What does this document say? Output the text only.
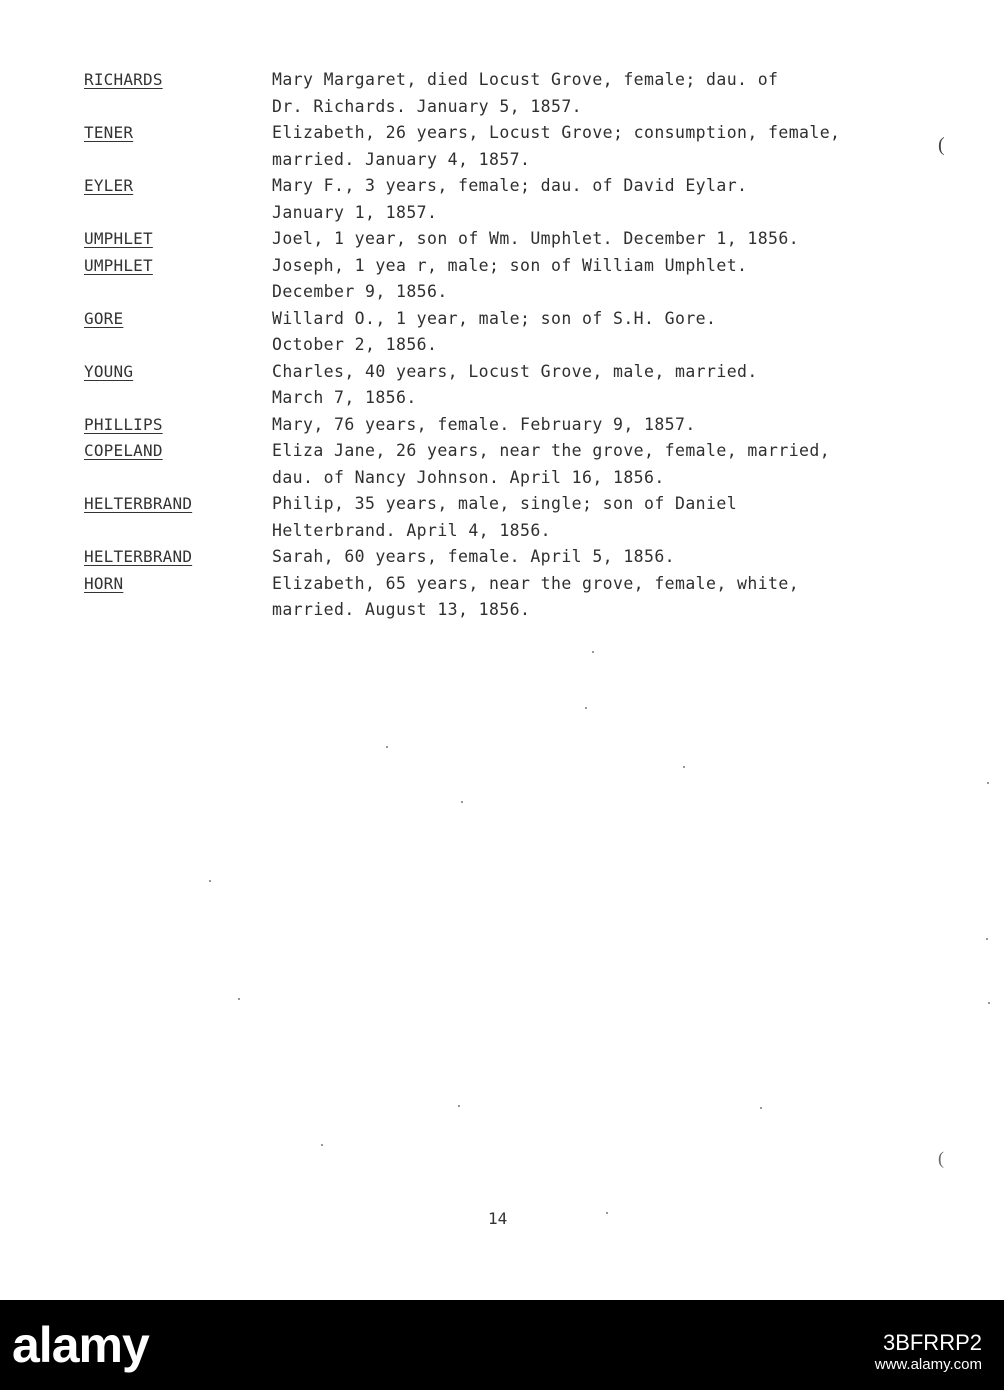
RICHARDS	Mary Margaret, died Locust Grove, female; dau. of
Dr. Richards. January 5, 1857.
TENER	Elizabeth, 26 years, Locust Grove; consumption, female,
married. January 4, 1857.
EYLER	Mary F., 3 years, female; dau. of David Eylar.
January 1, 1857.
UMPHLET	Joel, 1 year, son of Wm. Umphlet. December 1, 1856.
UMPHLET	Joseph, 1 yea r, male; son of William Umphlet.
December 9, 1856.
GORE	Willard O., 1 year, male; son of S.H. Gore.
October 2, 1856.
YOUNG	Charles, 40 years, Locust Grove, male, married.
March 7, 1856.
PHILLIPS	Mary, 76 years, female. February 9, 1857.
COPELAND	Eliza Jane, 26 years, near the grove, female, married,
dau. of Nancy Johnson. April 16, 1856.
HELTERBRAND	Philip, 35 years, male, single; son of Daniel
Helterbrand. April 4, 1856.
HELTERBRAND	Sarah, 60 years, female. April 5, 1856.
HORN	Elizabeth, 65 years, near the grove, female, white,
married. August 13, 1856.
(
(
14
alamy	3BFRRP2
www.alamy.com
